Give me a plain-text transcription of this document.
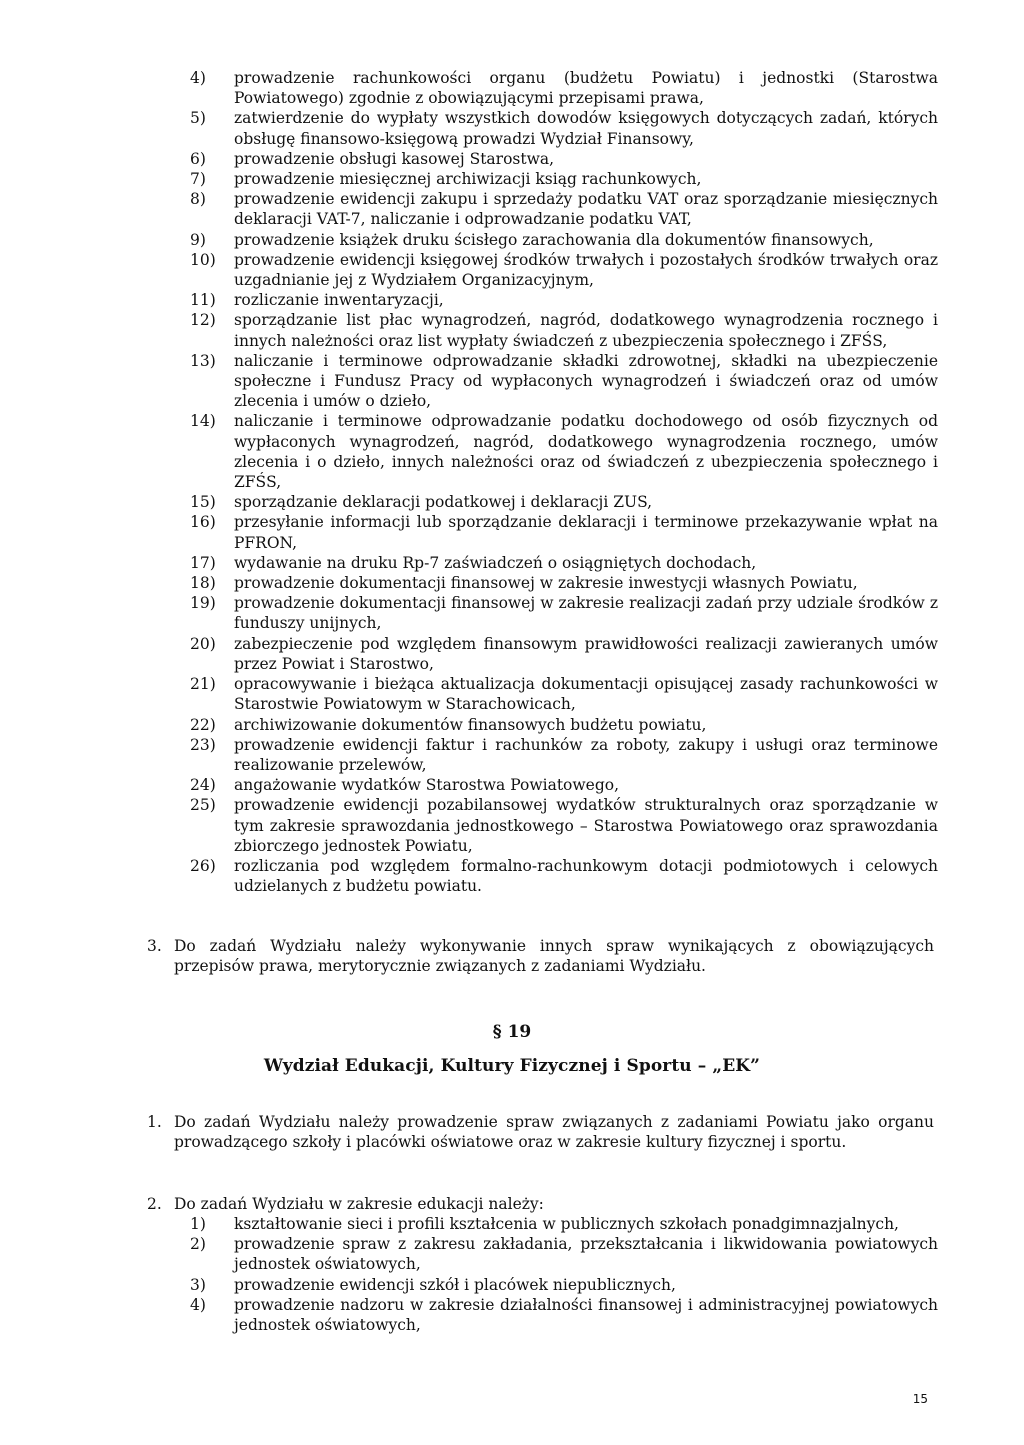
4) prowadzenie rachunkowości organu (budżetu Powiatu) i jednostki (Starostwa Powiatowego) zgodnie z obowiązującymi przepisami prawa,
5) zatwierdzenie do wypłaty wszystkich dowodów księgowych dotyczących zadań, których obsługę finansowo-księgową prowadzi Wydział Finansowy,
6) prowadzenie obsługi kasowej Starostwa,
7) prowadzenie miesięcznej archiwizacji ksiąg rachunkowych,
8) prowadzenie ewidencji zakupu i sprzedaży podatku VAT oraz sporządzanie miesięcznych deklaracji VAT-7, naliczanie i odprowadzanie podatku VAT,
9) prowadzenie książek druku ścisłego zarachowania dla dokumentów finansowych,
10) prowadzenie ewidencji księgowej środków trwałych i pozostałych środków trwałych oraz uzgadnianie jej z Wydziałem Organizacyjnym,
11) rozliczanie inwentaryzacji,
12) sporządzanie list płac wynagrodzeń, nagród, dodatkowego wynagrodzenia rocznego i innych należności oraz list wypłaty świadczeń z ubezpieczenia społecznego i ZFŚS,
13) naliczanie i terminowe odprowadzanie składki zdrowotnej, składki na ubezpieczenie społeczne i Fundusz Pracy od wypłaconych wynagrodzeń i świadczeń oraz od umów zlecenia i umów o dzieło,
14) naliczanie i terminowe odprowadzanie podatku dochodowego od osób fizycznych od wypłaconych wynagrodzeń, nagród, dodatkowego wynagrodzenia rocznego, umów zlecenia i o dzieło, innych należności oraz od świadczeń z ubezpieczenia społecznego i ZFŚS,
15) sporządzanie deklaracji podatkowej i deklaracji ZUS,
16) przesyłanie informacji lub sporządzanie deklaracji i terminowe przekazywanie wpłat na PFRON,
17) wydawanie na druku Rp-7 zaświadczeń o osiągniętych dochodach,
18) prowadzenie dokumentacji finansowej w zakresie inwestycji własnych Powiatu,
19) prowadzenie dokumentacji finansowej w zakresie realizacji zadań przy udziale środków z funduszy unijnych,
20) zabezpieczenie pod względem finansowym prawidłowości realizacji zawieranych umów przez Powiat i Starostwo,
21) opracowywanie i bieżąca aktualizacja dokumentacji opisującej zasady rachunkowości w Starostwie Powiatowym w Starachowicach,
22) archiwizowanie dokumentów finansowych budżetu powiatu,
23) prowadzenie ewidencji faktur i rachunków za roboty, zakupy i usługi oraz terminowe realizowanie przelewów,
24) angażowanie wydatków Starostwa Powiatowego,
25) prowadzenie ewidencji pozabilansowej wydatków strukturalnych oraz sporządzanie w tym zakresie sprawozdania jednostkowego – Starostwa Powiatowego oraz sprawozdania zbiorczego jednostek Powiatu,
26) rozliczania pod względem formalno-rachunkowym dotacji podmiotowych i celowych udzielanych z budżetu powiatu.
3. Do zadań Wydziału należy wykonywanie innych spraw wynikających z obowiązujących przepisów prawa, merytorycznie związanych z zadaniami Wydziału.
§ 19
Wydział Edukacji, Kultury Fizycznej i Sportu – „EK”
1. Do zadań Wydziału należy prowadzenie spraw związanych z zadaniami Powiatu jako organu prowadzącego szkoły i placówki oświatowe oraz w zakresie kultury fizycznej i sportu.
2. Do zadań Wydziału w zakresie edukacji należy:
1) kształtowanie sieci i profili kształcenia w publicznych szkołach ponadgimnazjalnych,
2) prowadzenie spraw z zakresu zakładania, przekształcania i likwidowania powiatowych jednostek oświatowych,
3) prowadzenie ewidencji szkół i placówek niepublicznych,
4) prowadzenie nadzoru w zakresie działalności finansowej i administracyjnej powiatowych jednostek oświatowych,
15
